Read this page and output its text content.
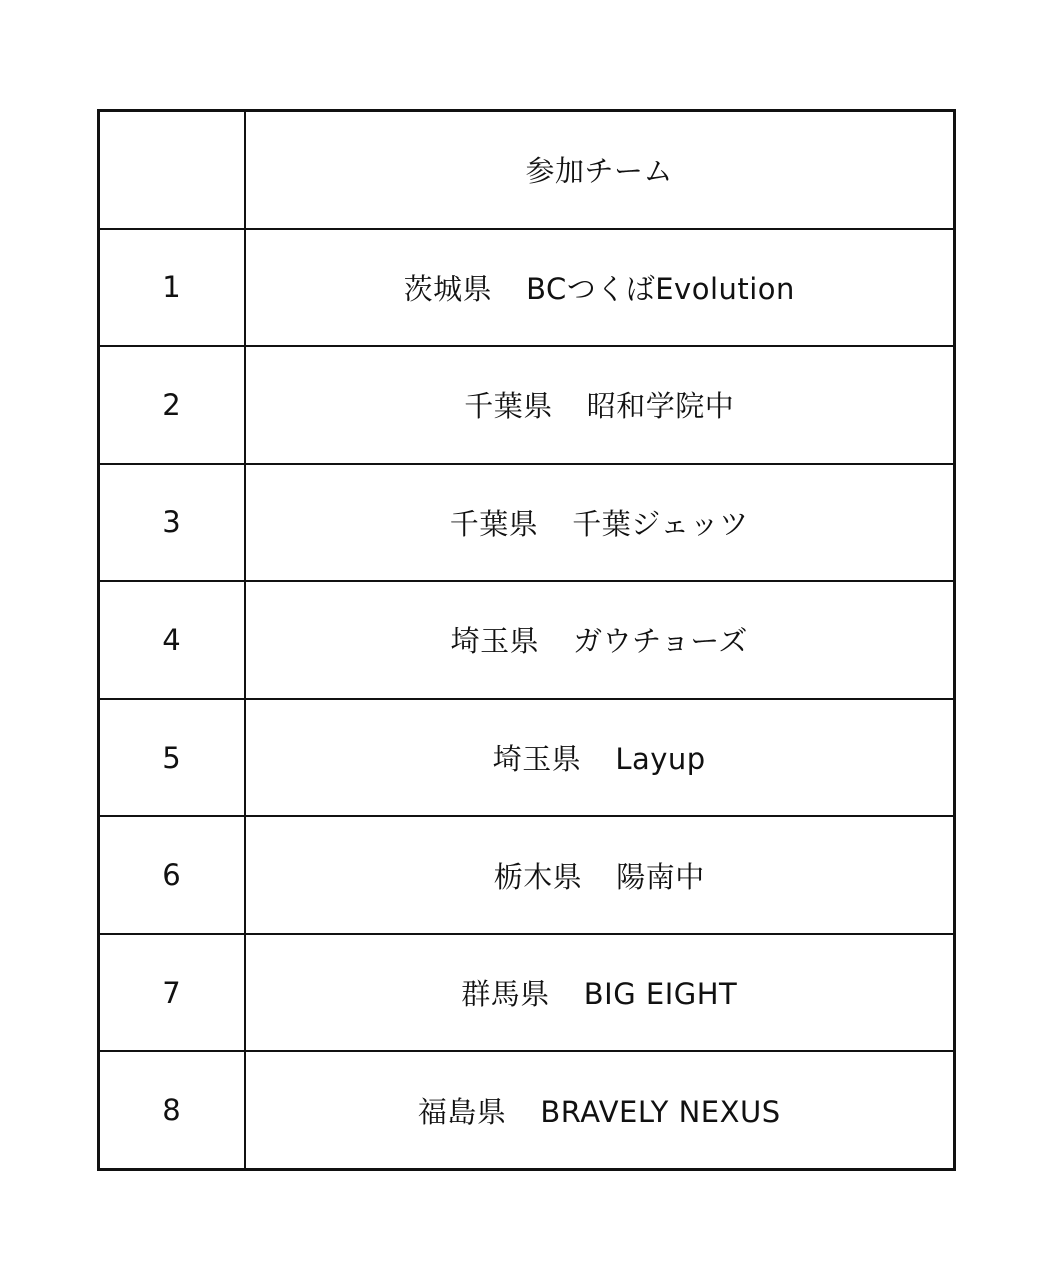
	参加チーム
1	茨城県 BCつくばEvolution
2	千葉県 昭和学院中
3	千葉県 千葉ジェッツ
4	埼玉県 ガウチョーズ
5	埼玉県 Layup
6	栃木県 陽南中
7	群馬県 BIG EIGHT
8	福島県 BRAVELY NEXUS
